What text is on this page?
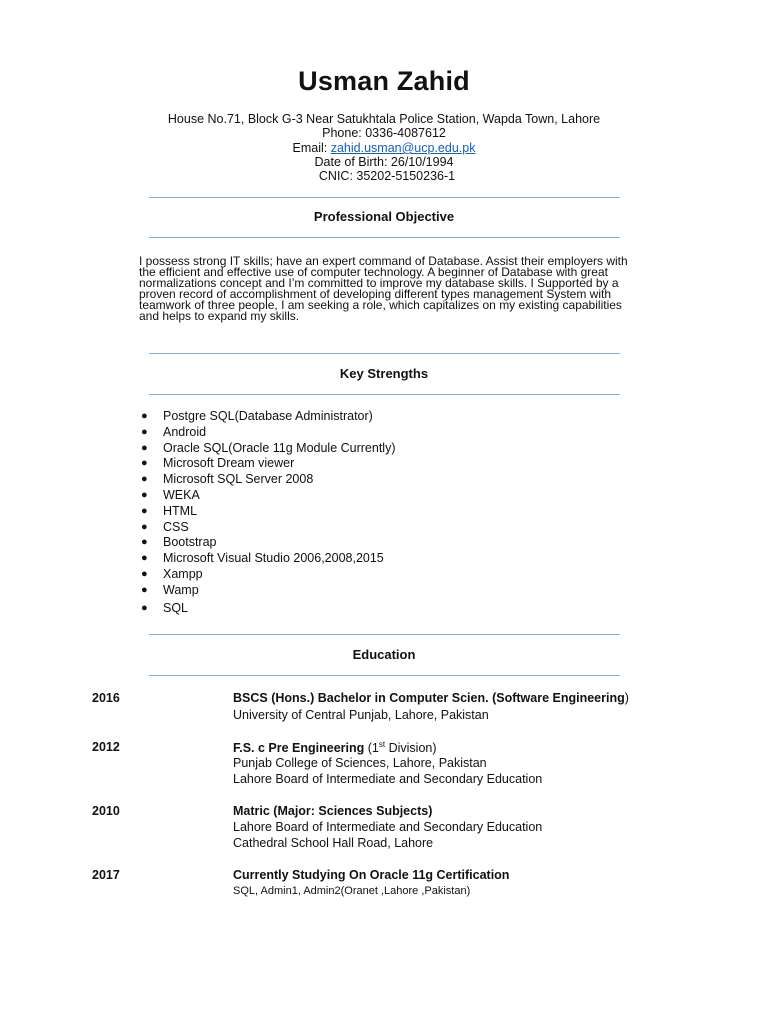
Usman Zahid
House No.71, Block G-3 Near Satukhtala Police Station, Wapda Town, Lahore
Phone: 0336-4087612
Email: zahid.usman@ucp.edu.pk
Date of Birth: 26/10/1994
CNIC: 35202-5150236-1
Professional Objective
I possess strong IT skills; have an expert command of Database. Assist their employers with
the efficient and effective use of computer technology. A beginner of Database with great
normalizations concept and I’m committed to improve my database skills. I Supported by a
proven record of accomplishment of developing different types management System with
teamwork of three people, I am seeking a role, which capitalizes on my existing capabilities
and helps to expand my skills.
Key Strengths
● Postgre SQL(Database Administrator)
● Android
● Oracle SQL(Oracle 11g Module Currently)
● Microsoft Dream viewer
● Microsoft SQL Server 2008
● WEKA
● HTML
● CSS
● Bootstrap
● Microsoft Visual Studio 2006,2008,2015
● Xampp
● Wamp
● SQL
Education
2016	BSCS (Hons.) Bachelor in Computer Scien. (Software Engineering)
University of Central Punjab, Lahore, Pakistan
2012	F.S. c Pre Engineering (1st Division)
Punjab College of Sciences, Lahore, Pakistan
Lahore Board of Intermediate and Secondary Education
2010	Matric (Major: Sciences Subjects)
Lahore Board of Intermediate and Secondary Education
Cathedral School Hall Road, Lahore
2017	Currently Studying On Oracle 11g Certification
SQL, Admin1, Admin2(Oranet ,Lahore ,Pakistan)
